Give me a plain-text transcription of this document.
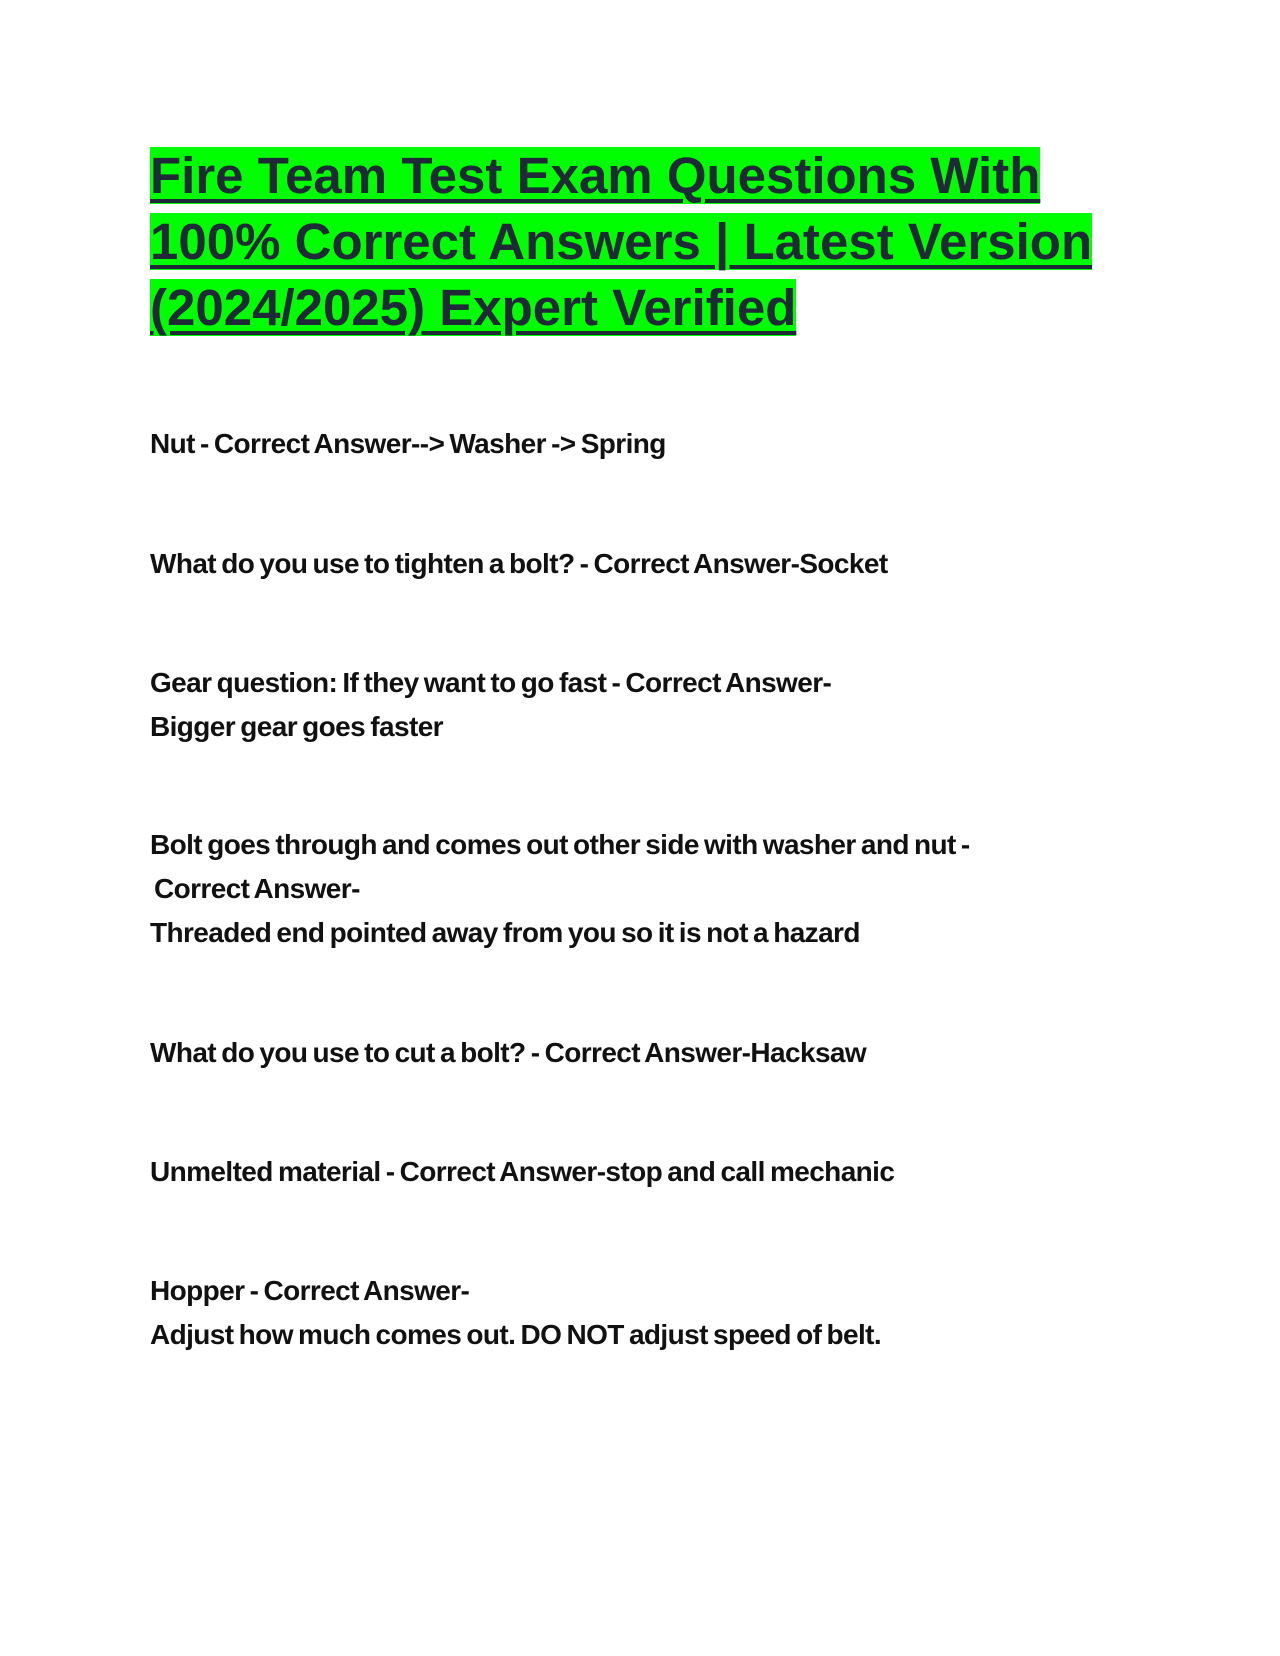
Fire Team Test Exam Questions With
100% Correct Answers | Latest Version
(2024/2025) Expert Verified
Nut - Correct Answer--> Washer -> Spring
What do you use to tighten a bolt? - Correct Answer-Socket
Gear question: If they want to go fast - Correct Answer-
Bigger gear goes faster
Bolt goes through and comes out other side with washer and nut -
Correct Answer-
Threaded end pointed away from you so it is not a hazard
What do you use to cut a bolt? - Correct Answer-Hacksaw
Unmelted material - Correct Answer-stop and call mechanic
Hopper - Correct Answer-
Adjust how much comes out. DO NOT adjust speed of belt.
